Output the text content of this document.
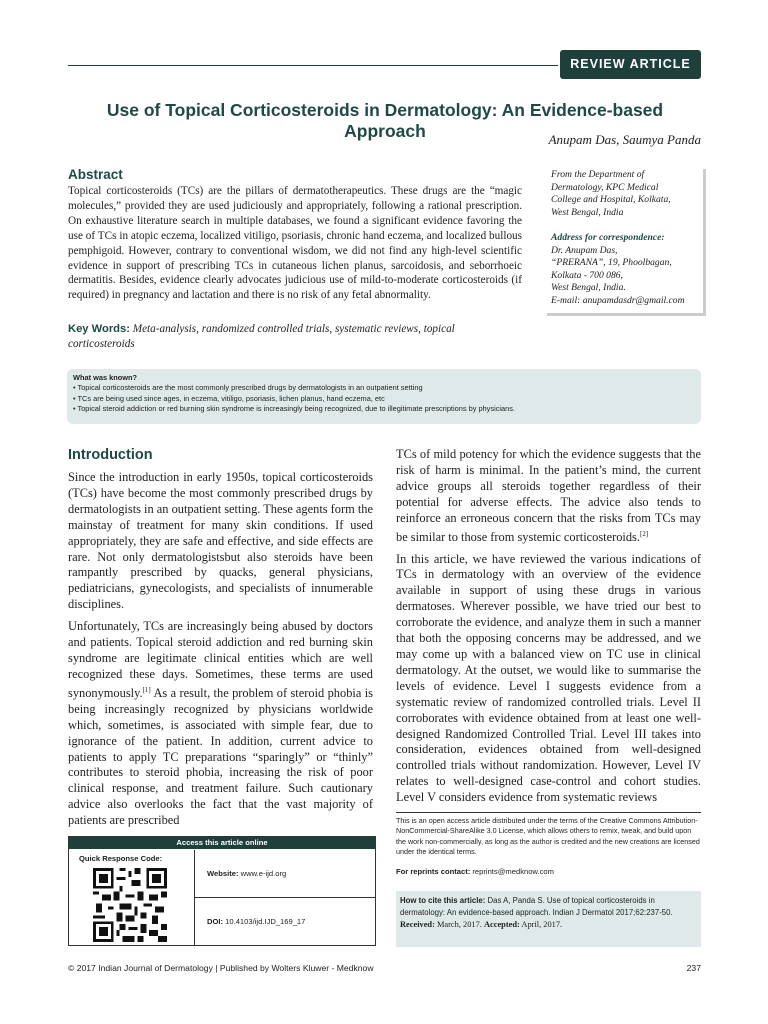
REVIEW ARTICLE
Use of Topical Corticosteroids in Dermatology: An Evidence-based Approach	Anupam Das, Saumya Panda
Abstract

Topical corticosteroids (TCs) are the pillars of dermatotherapeutics. These drugs are the “magic molecules,” provided they are used judiciously and appropriately, following a rational prescription. On exhaustive literature search in multiple databases, we found a significant evidence favoring the use of TCs in atopic eczema, localized vitiligo, psoriasis, chronic hand eczema, and localized bullous pemphigoid. However, contrary to conventional wisdom, we did not find any high-level scientific evidence in support of prescribing TCs in cutaneous lichen planus, sarcoidosis, and seborrhoeic dermatitis. Besides, evidence clearly advocates judicious use of mild-to-moderate corticosteroids (if required) in pregnancy and lactation and there is no risk of any fetal abnormality.

Key Words: Meta-analysis, randomized controlled trials, systematic reviews, topical corticosteroids

From the Department of

Dermatology, KPC Medical

College and Hospital, Kolkata,

West Bengal, India

Address for correspondence:

Dr. Anupam Das,

“PRERANA”, 19, Phoolbagan,

Kolkata - 700 086,

West Bengal, India.

E-mail: anupamdasdr@gmail.com

What was known?
• Topical corticosteroids are the most commonly prescribed drugs by dermatologists in an outpatient setting
• TCs are being used since ages, in eczema, vitiligo, psoriasis, lichen planus, hand eczema, etc
• Topical steroid addiction or red burning skin syndrome is increasingly being recognized, due to illegitimate prescriptions by physicians.
Introduction

Since the introduction in early 1950s, topical corticosteroids (TCs) have become the most commonly prescribed drugs by dermatologists in an outpatient setting. These agents form the mainstay of treatment for many skin conditions. If used appropriately, they are safe and effective, and side effects are rare. Not only dermatologistsbut also steroids have been rampantly prescribed by quacks, general physicians, pediatricians, gynecologists, and specialists of innumerable disciplines.

Unfortunately, TCs are increasingly being abused by doctors and patients. Topical steroid addiction and red burning skin syndrome are legitimate clinical entities which are well recognized these days. Sometimes, these terms are used synonymously.[1] As a result, the problem of steroid phobia is being increasingly recognized by physicians worldwide which, sometimes, is associated with simple fear, due to ignorance of the patient. In addition, current advice to patients to apply TC preparations “sparingly” or “thinly” contributes to steroid phobia, increasing the risk of poor clinical response, and treatment failure. Such cautionary advice also overlooks the fact that the vast majority of patients are prescribed

TCs of mild potency for which the evidence suggests that the risk of harm is minimal. In the patient’s mind, the current advice groups all steroids together regardless of their potential for adverse effects. The advice also tends to reinforce an erroneous concern that the risks from TCs may be similar to those from systemic corticosteroids.[2]

In this article, we have reviewed the various indications of TCs in dermatology with an overview of the evidence available in support of using these drugs in various dermatoses. Wherever possible, we have tried our best to corroborate the evidence, and analyze them in such a manner that both the opposing concerns may be addressed, and we may come up with a balanced view on TC use in clinical dermatology. At the outset, we would like to summarise the levels of evidence. Level I suggests evidence from a systematic review of randomized controlled trials. Level II corroborates with evidence obtained from at least one well-designed Randomized Controlled Trial. Level III takes into consideration, evidences obtained from well-designed controlled trials without randomization. However, Level IV relates to well-designed case-control and cohort studies. Level V considers evidence from systematic reviews

This is an open access article distributed under the terms of the Creative Commons Attribution-NonCommercial-ShareAlike 3.0 License, which allows others to remix, tweak, and build upon the work non-commercially, as long as the author is credited and the new creations are licensed under the identical terms.

For reprints contact: reprints@medknow.com
How to cite this article: Das A, Panda S. Use of topical corticosteroids in dermatology: An evidence-based approach. Indian J Dermatol 2017;62:237-50.
Received: March, 2017. Accepted: April, 2017.
Access this article online
Quick Response Code:
Website: www.e-ijd.org
DOI: 10.4103/ijd.IJD_169_17
© 2017 Indian Journal of Dermatology | Published by Wolters Kluwer - Medknow	237
